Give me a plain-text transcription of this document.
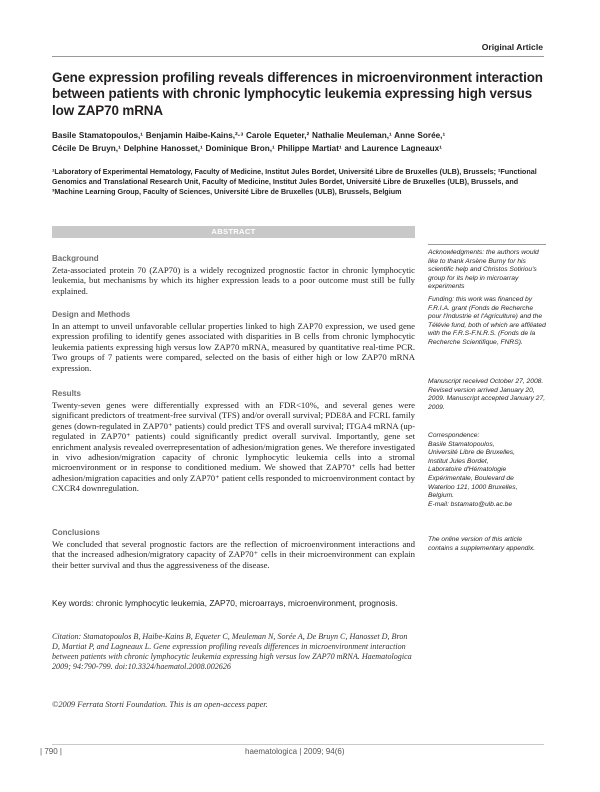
Original Article
Gene expression profiling reveals differences in microenvironment interaction between patients with chronic lymphocytic leukemia expressing high versus low ZAP70 mRNA
Basile Stamatopoulos,¹ Benjamin Haibe-Kains,²·³ Carole Equeter,² Nathalie Meuleman,¹ Anne Sorée,¹
Cécile De Bruyn,¹ Delphine Hanosset,¹ Dominique Bron,¹ Philippe Martiat¹ and Laurence Lagneaux¹
¹Laboratory of Experimental Hematology, Faculty of Medicine, Institut Jules Bordet, Université Libre de Bruxelles (ULB), Brussels; ²Functional Genomics and Translational Research Unit, Faculty of Medicine, Institut Jules Bordet, Université Libre de Bruxelles (ULB), Brussels, and ³Machine Learning Group, Faculty of Sciences, Université Libre de Bruxelles (ULB), Brussels, Belgium
ABSTRACT
Background
Zeta-associated protein 70 (ZAP70) is a widely recognized prognostic factor in chronic lymphocytic leukemia, but mechanisms by which its higher expression leads to a poor outcome must still be fully explained.
Design and Methods
In an attempt to unveil unfavorable cellular properties linked to high ZAP70 expression, we used gene expression profiling to identify genes associated with disparities in B cells from chronic lymphocytic leukemia patients expressing high versus low ZAP70 mRNA, measured by quantitative real-time PCR. Two groups of 7 patients were compared, selected on the basis of either high or low ZAP70 mRNA expression.
Results
Twenty-seven genes were differentially expressed with an FDR<10%, and several genes were significant predictors of treatment-free survival (TFS) and/or overall survival; PDE8A and FCRL family genes (down-regulated in ZAP70⁺ patients) could predict TFS and overall survival; ITGA4 mRNA (up-regulated in ZAP70⁺ patients) could significantly predict overall survival. Importantly, gene set enrichment analysis revealed overrepresentation of adhesion/migration genes. We therefore investigated in vivo adhesion/migration capacity of chronic lymphocytic leukemia cells into a stromal microenvironment or in response to conditioned medium. We showed that ZAP70⁺ cells had better adhesion/migration capacities and only ZAP70⁺ patient cells responded to microenvironment contact by CXCR4 downregulation.
Conclusions
We concluded that several prognostic factors are the reflection of microenvironment interactions and that the increased adhesion/migratory capacity of ZAP70⁺ cells in their microenvironment can explain their better survival and thus the aggressiveness of the disease.
Key words: chronic lymphocytic leukemia, ZAP70, microarrays, microenvironment, prognosis.
Citation: Stamatopoulos B, Haibe-Kains B, Equeter C, Meuleman N, Sorée A, De Bruyn C, Hanosset D, Bron D, Martiat P, and Lagneaux L. Gene expression profiling reveals differences in microenvironment interaction between patients with chronic lymphocytic leukemia expressing high versus low ZAP70 mRNA. Haematologica 2009; 94:790-799. doi:10.3324/haematol.2008.002626
©2009 Ferrata Storti Foundation. This is an open-access paper.
Acknowledgments: the authors would like to thank Arsène Burny for his scientific help and Christos Sotiriou's group for its help in microarray experiments
Funding: this work was financed by F.R.I.A. grant (Fonds de Recherche pour l'Industrie et l'Agriculture) and the Télévie fund, both of which are affiliated with the F.R.S-F.N.R.S. (Fonds de la Recherche Scientifique, FNRS).
Manuscript received October 27, 2008. Revised version arrived January 20, 2009. Manuscript accepted January 27, 2009.
Correspondence:
Basile Stamatopoulos,
Université Libre de Bruxelles,
Institut Jules Bordet,
Laboratoire d'Hématologie
Expérimentale, Boulevard de
Waterloo 121, 1000 Bruxelles,
Belgium.
E-mail: bstamato@ulb.ac.be
The online version of this article contains a supplementary appendix.
| 790 |	haematologica | 2009; 94(6)
